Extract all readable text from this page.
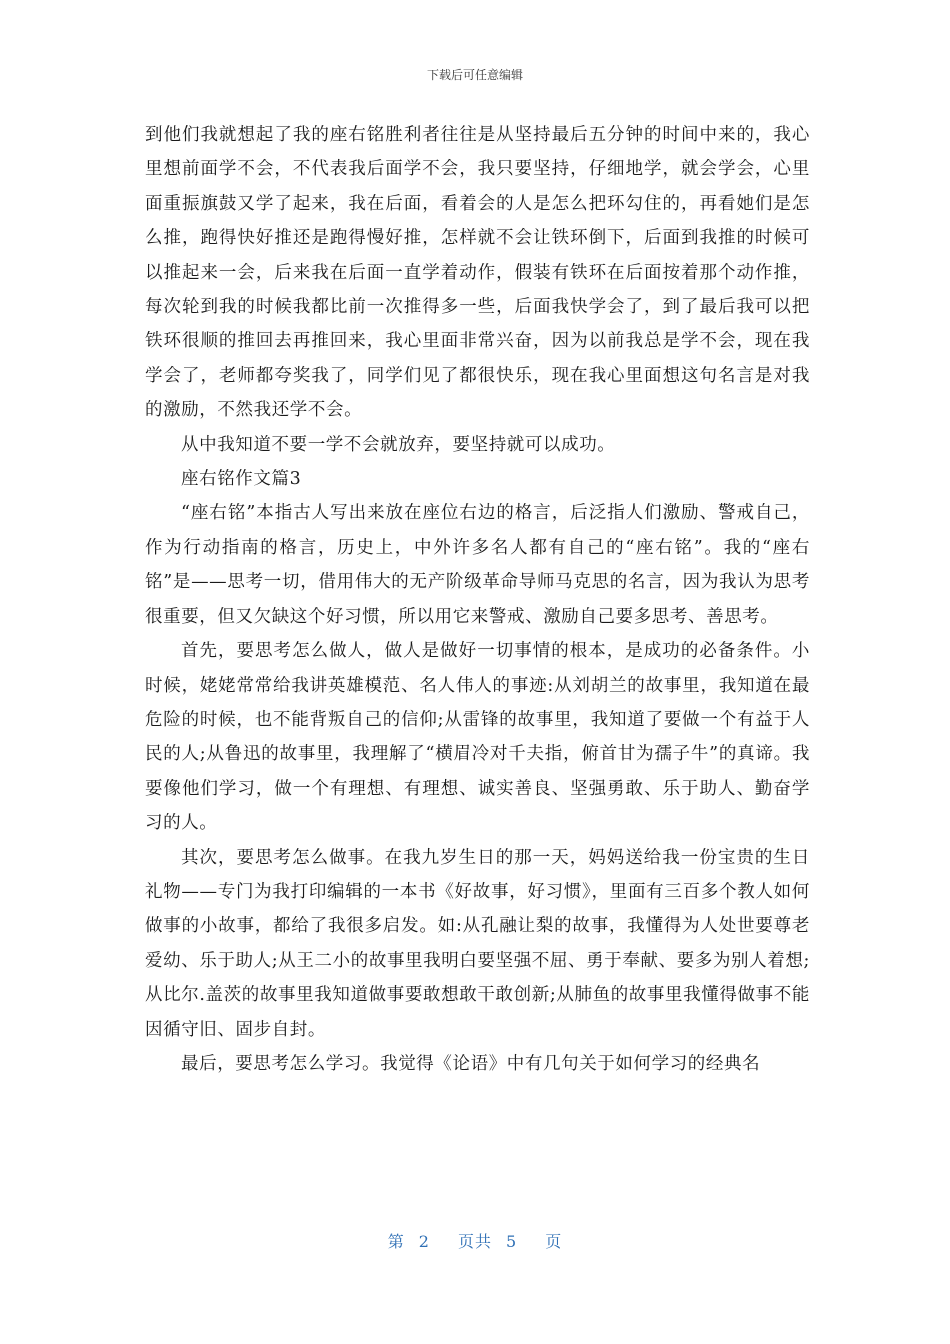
下载后可任意编辑

到他们我就想起了我的座右铭胜利者往往是从坚持最后五分钟的时间中来的，我心里想前面学不会，不代表我后面学不会，我只要坚持，仔细地学，就会学会，心里面重振旗鼓又学了起来，我在后面，看着会的人是怎么把环勾住的，再看她们是怎么推，跑得快好推还是跑得慢好推，怎样就不会让铁环倒下，后面到我推的时候可以推起来一会，后来我在后面一直学着动作，假装有铁环在后面按着那个动作推，每次轮到我的时候我都比前一次推得多一些，后面我快学会了，到了最后我可以把铁环很顺的推回去再推回来，我心里面非常兴奋，因为以前我总是学不会，现在我学会了，老师都夸奖我了，同学们见了都很快乐，现在我心里面想这句名言是对我的激励，不然我还学不会。

从中我知道不要一学不会就放弃，要坚持就可以成功。

座右铭作文篇3

“座右铭”本指古人写出来放在座位右边的格言，后泛指人们激励、警戒自己，作为行动指南的格言，历史上，中外许多名人都有自己的“座右铭”。我的“座右铭”是——思考一切，借用伟大的无产阶级革命导师马克思的名言，因为我认为思考很重要，但又欠缺这个好习惯，所以用它来警戒、激励自己要多思考、善思考。

首先，要思考怎么做人，做人是做好一切事情的根本，是成功的必备条件。小时候，姥姥常常给我讲英雄模范、名人伟人的事迹:从刘胡兰的故事里，我知道在最危险的时候，也不能背叛自己的信仰;从雷锋的故事里，我知道了要做一个有益于人民的人;从鲁迅的故事里，我理解了“横眉冷对千夫指，俯首甘为孺子牛”的真谛。我要像他们学习，做一个有理想、有理想、诚实善良、坚强勇敢、乐于助人、勤奋学习的人。

其次，要思考怎么做事。在我九岁生日的那一天，妈妈送给我一份宝贵的生日礼物——专门为我打印编辑的一本书《好故事，好习惯》，里面有三百多个教人如何做事的小故事，都给了我很多启发。如:从孔融让梨的故事，我懂得为人处世要尊老爱幼、乐于助人;从王二小的故事里我明白要坚强不屈、勇于奉献、要多为别人着想;从比尔.盖茨的故事里我知道做事要敢想敢干敢创新;从肺鱼的故事里我懂得做事不能因循守旧、固步自封。

最后，要思考怎么学习。我觉得《论语》中有几句关于如何学习的经典名

第 2 页共 5 页
